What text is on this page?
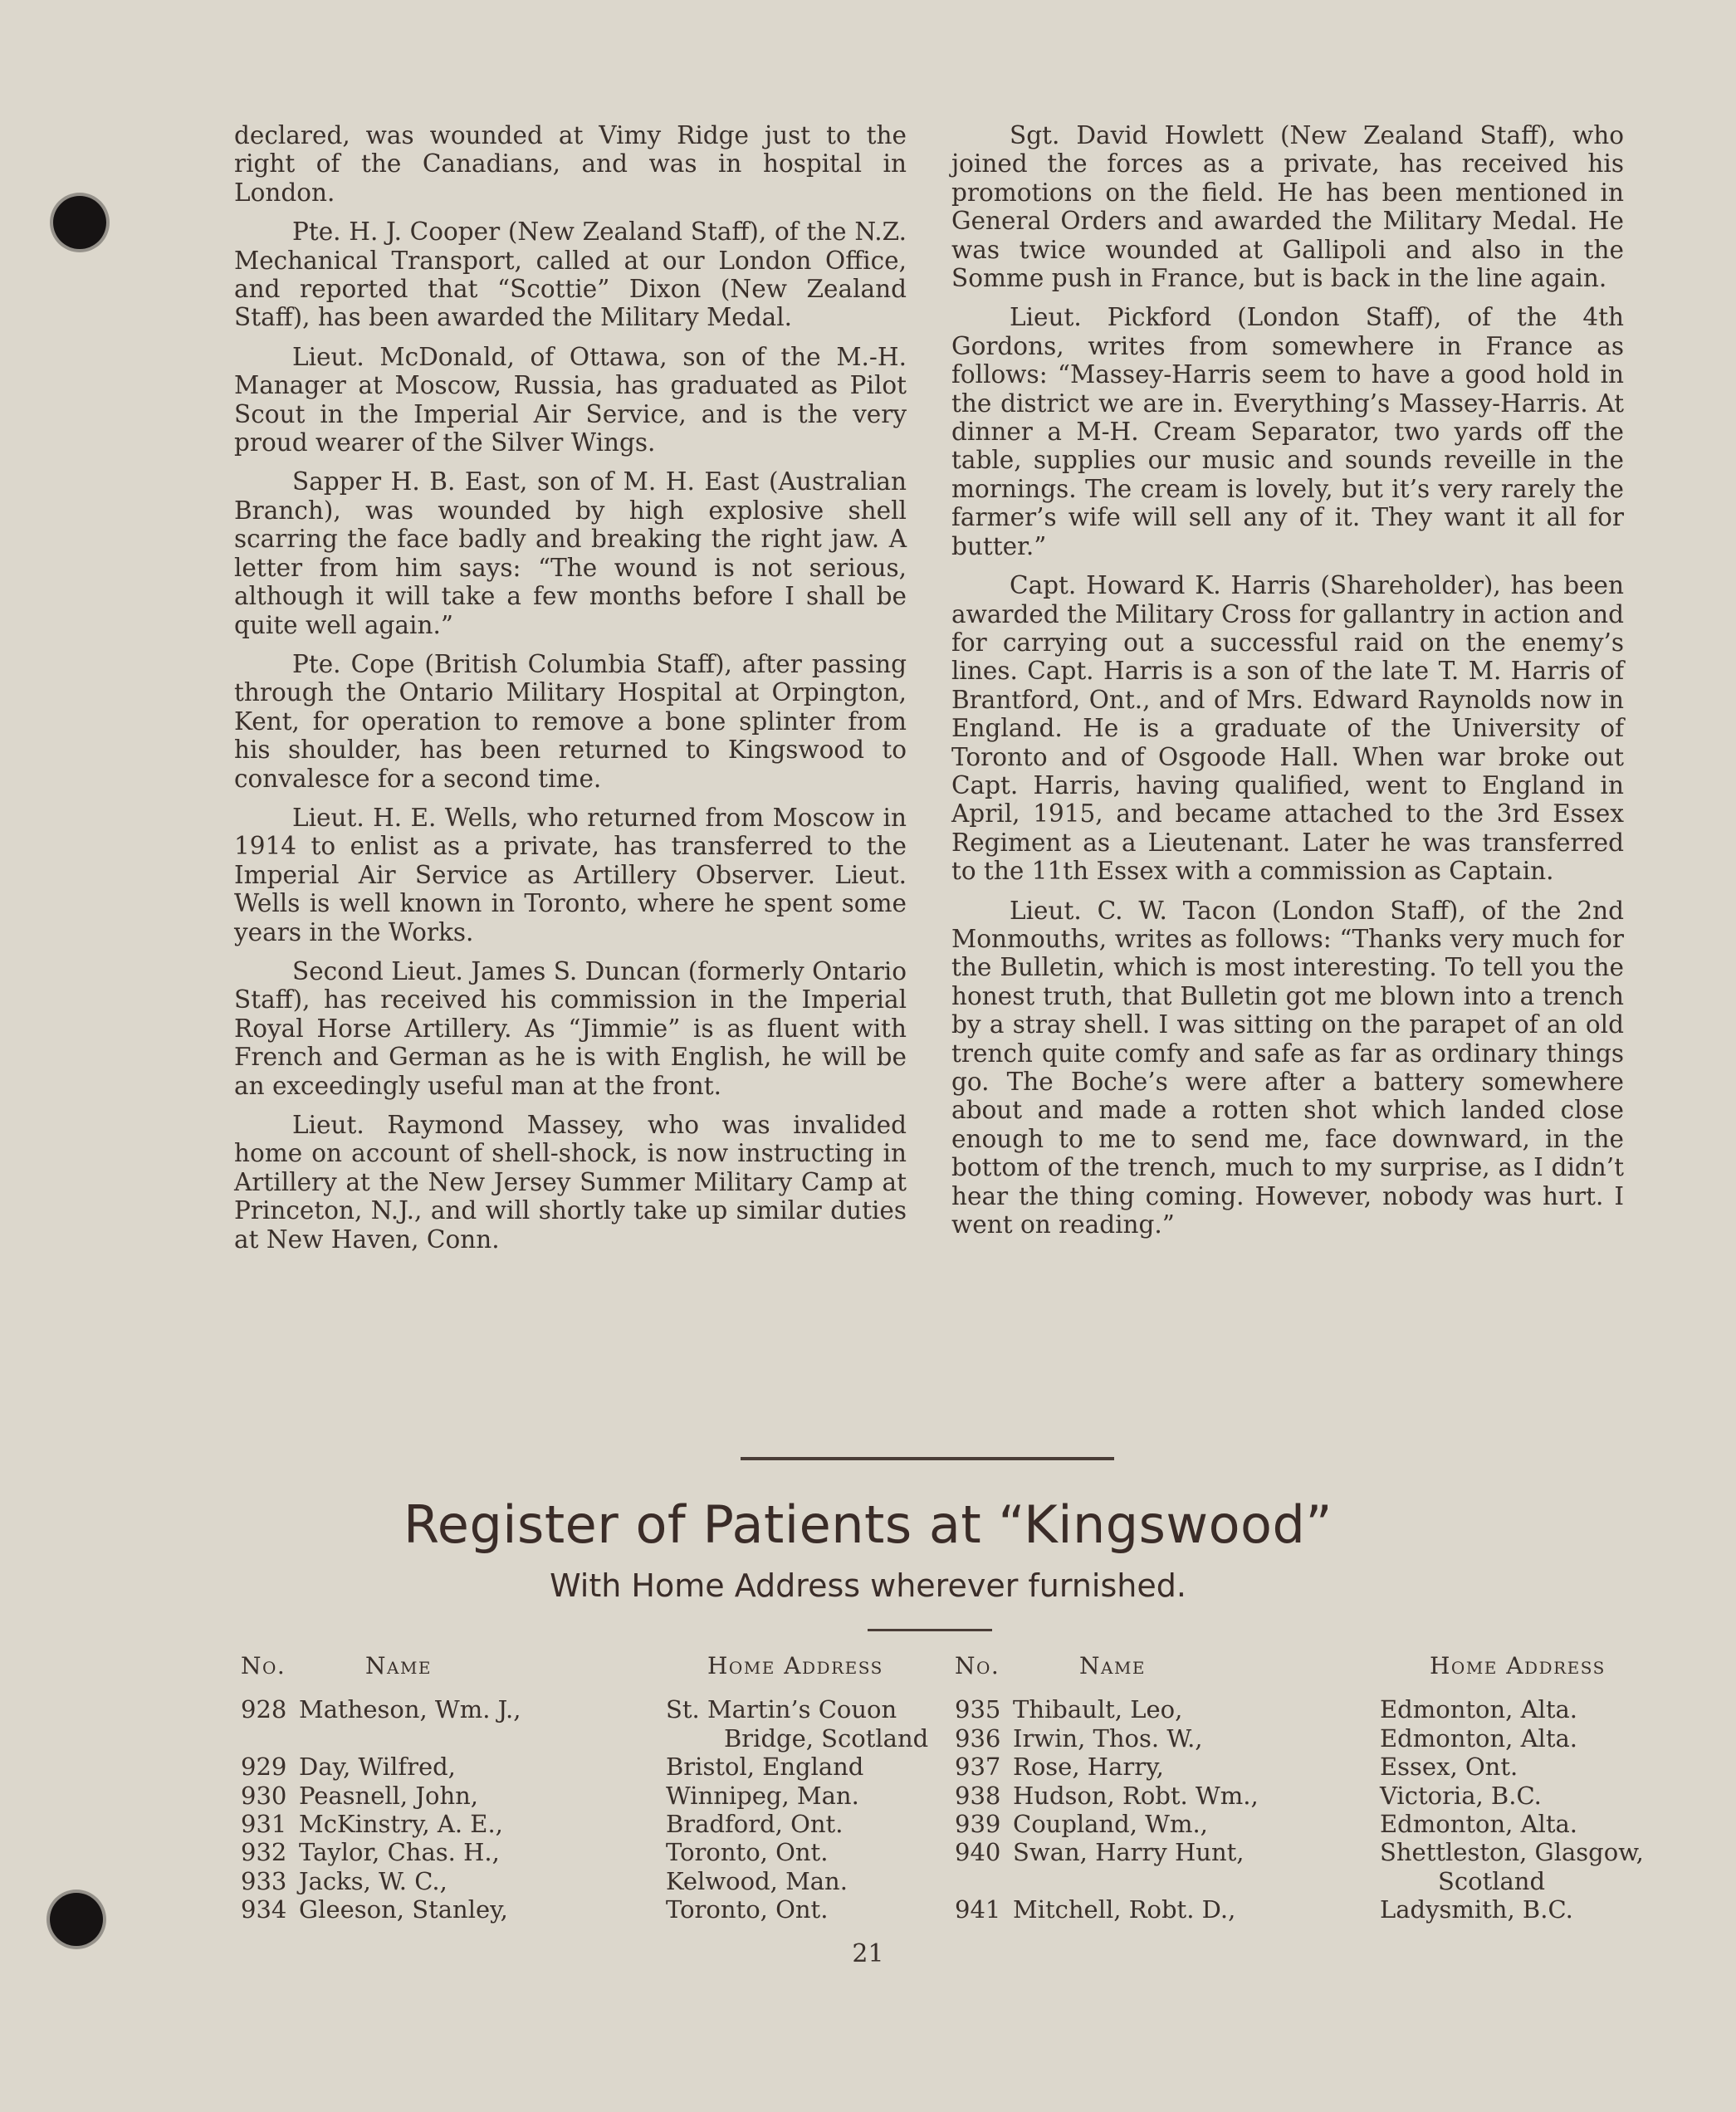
declared, was wounded at Vimy Ridge just to the right of the Canadians, and was in hospital in London.

Pte. H. J. Cooper (New Zealand Staff), of the N.Z. Mechanical Transport, called at our London Office, and reported that “Scottie” Dixon (New Zealand Staff), has been awarded the Military Medal.

Lieut. McDonald, of Ottawa, son of the M.-H. Manager at Moscow, Russia, has graduated as Pilot Scout in the Imperial Air Service, and is the very proud wearer of the Silver Wings.

Sapper H. B. East, son of M. H. East (Australian Branch), was wounded by high explosive shell scarring the face badly and breaking the right jaw. A letter from him says: “The wound is not serious, although it will take a few months before I shall be quite well again.”

Pte. Cope (British Columbia Staff), after passing through the Ontario Military Hospital at Orpington, Kent, for operation to remove a bone splinter from his shoulder, has been returned to Kingswood to convalesce for a second time.

Lieut. H. E. Wells, who returned from Moscow in 1914 to enlist as a private, has transferred to the Imperial Air Service as Artillery Observer. Lieut. Wells is well known in Toronto, where he spent some years in the Works.

Second Lieut. James S. Duncan (formerly Ontario Staff), has received his commission in the Imperial Royal Horse Artillery. As “Jimmie” is as fluent with French and German as he is with English, he will be an exceedingly useful man at the front.

Lieut. Raymond Massey, who was invalided home on account of shell-shock, is now instructing in Artillery at the New Jersey Summer Military Camp at Princeton, N.J., and will shortly take up similar duties at New Haven, Conn.

Sgt. David Howlett (New Zealand Staff), who joined the forces as a private, has received his promotions on the field. He has been mentioned in General Orders and awarded the Military Medal. He was twice wounded at Gallipoli and also in the Somme push in France, but is back in the line again.

Lieut. Pickford (London Staff), of the 4th Gordons, writes from somewhere in France as follows: “Massey-Harris seem to have a good hold in the district we are in. Everything’s Massey-Harris. At dinner a M-H. Cream Separator, two yards off the table, supplies our music and sounds reveille in the mornings. The cream is lovely, but it’s very rarely the farmer’s wife will sell any of it. They want it all for butter.”

Capt. Howard K. Harris (Shareholder), has been awarded the Military Cross for gallantry in action and for carrying out a successful raid on the enemy’s lines. Capt. Harris is a son of the late T. M. Harris of Brantford, Ont., and of Mrs. Edward Raynolds now in England. He is a graduate of the University of Toronto and of Osgoode Hall. When war broke out Capt. Harris, having qualified, went to England in April, 1915, and became attached to the 3rd Essex Regiment as a Lieutenant. Later he was transferred to the 11th Essex with a commission as Captain.

Lieut. C. W. Tacon (London Staff), of the 2nd Monmouths, writes as follows: “Thanks very much for the Bulletin, which is most interesting. To tell you the honest truth, that Bulletin got me blown into a trench by a stray shell. I was sitting on the parapet of an old trench quite comfy and safe as far as ordinary things go. The Boche’s were after a battery somewhere about and made a rotten shot which landed close enough to me to send me, face downward, in the bottom of the trench, much to my surprise, as I didn’t hear the thing coming. However, nobody was hurt. I went on reading.”

Register of Patients at “Kingswood”
With Home Address wherever furnished.
No.	Name	Home Address
928	Matheson, Wm. J.,	St. Martin’s Couon
Bridge, Scotland

929	Day, Wilfred,	Bristol, England
930	Peasnell, John,	Winnipeg, Man.
931	McKinstry, A. E.,	Bradford, Ont.
932	Taylor, Chas. H.,	Toronto, Ont.
933	Jacks, W. C.,	Kelwood, Man.
934	Gleeson, Stanley,	Toronto, Ont.
No.	Name	Home Address
935	Thibault, Leo,	Edmonton, Alta.
936	Irwin, Thos. W.,	Edmonton, Alta.
937	Rose, Harry,	Essex, Ont.
938	Hudson, Robt. Wm.,	Victoria, B.C.
939	Coupland, Wm.,	Edmonton, Alta.
940	Swan, Harry Hunt,	Shettleston, Glasgow,
Scotland

941	Mitchell, Robt. D.,	Ladysmith, B.C.
21
